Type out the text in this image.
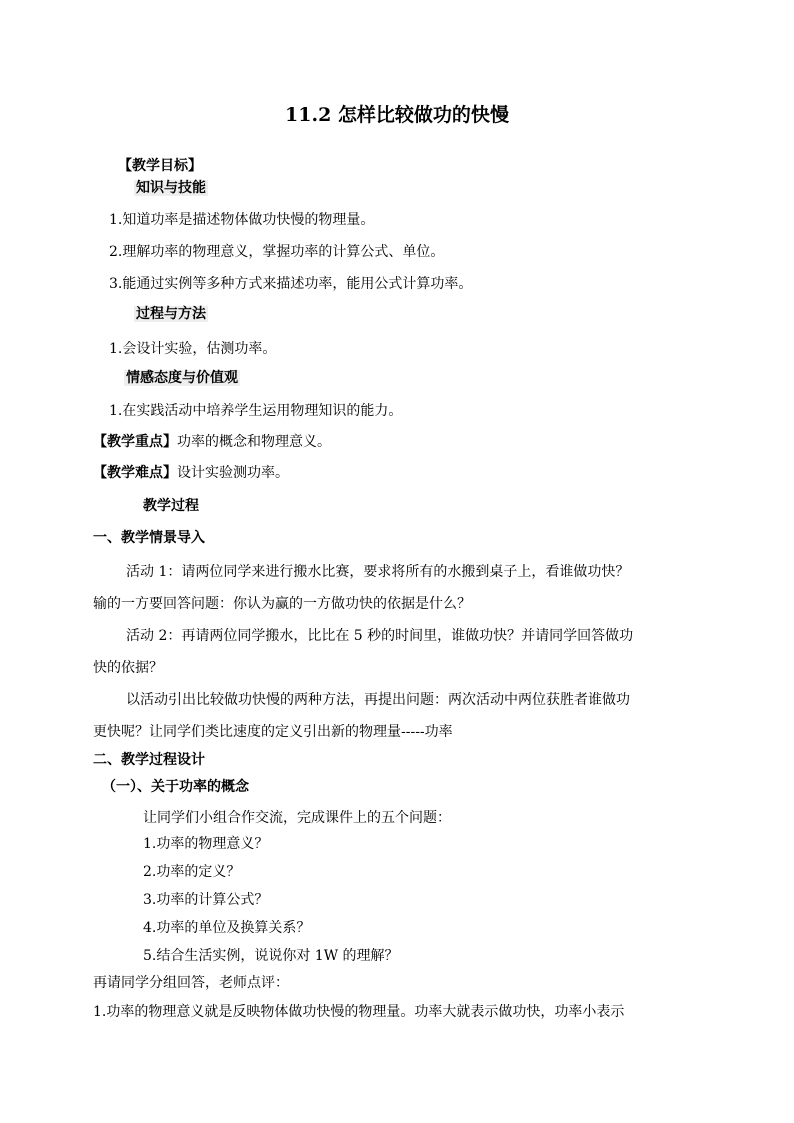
11.2 怎样比较做功的快慢
【教学目标】
知识与技能
1.知道功率是描述物体做功快慢的物理量。
2.理解功率的物理意义，掌握功率的计算公式、单位。
3.能通过实例等多种方式来描述功率，能用公式计算功率。
过程与方法
1.会设计实验，估测功率。
情感态度与价值观
1.在实践活动中培养学生运用物理知识的能力。
【教学重点】功率的概念和物理意义。
【教学难点】设计实验测功率。
教学过程
一、教学情景导入
活动 1：请两位同学来进行搬水比赛，要求将所有的水搬到桌子上，看谁做功快？
输的一方要回答问题：你认为赢的一方做功快的依据是什么？
活动 2：再请两位同学搬水，比比在 5 秒的时间里，谁做功快？并请同学回答做功
快的依据？
以活动引出比较做功快慢的两种方法，再提出问题：两次活动中两位获胜者谁做功
更快呢？让同学们类比速度的定义引出新的物理量-----功率
二、教学过程设计
（一）、关于功率的概念
让同学们小组合作交流，完成课件上的五个问题：
1.功率的物理意义？
2.功率的定义？
3.功率的计算公式？
4.功率的单位及换算关系？
5.结合生活实例，说说你对 1W 的理解？
再请同学分组回答，老师点评：
1.功率的物理意义就是反映物体做功快慢的物理量。功率大就表示做功快，功率小表示
